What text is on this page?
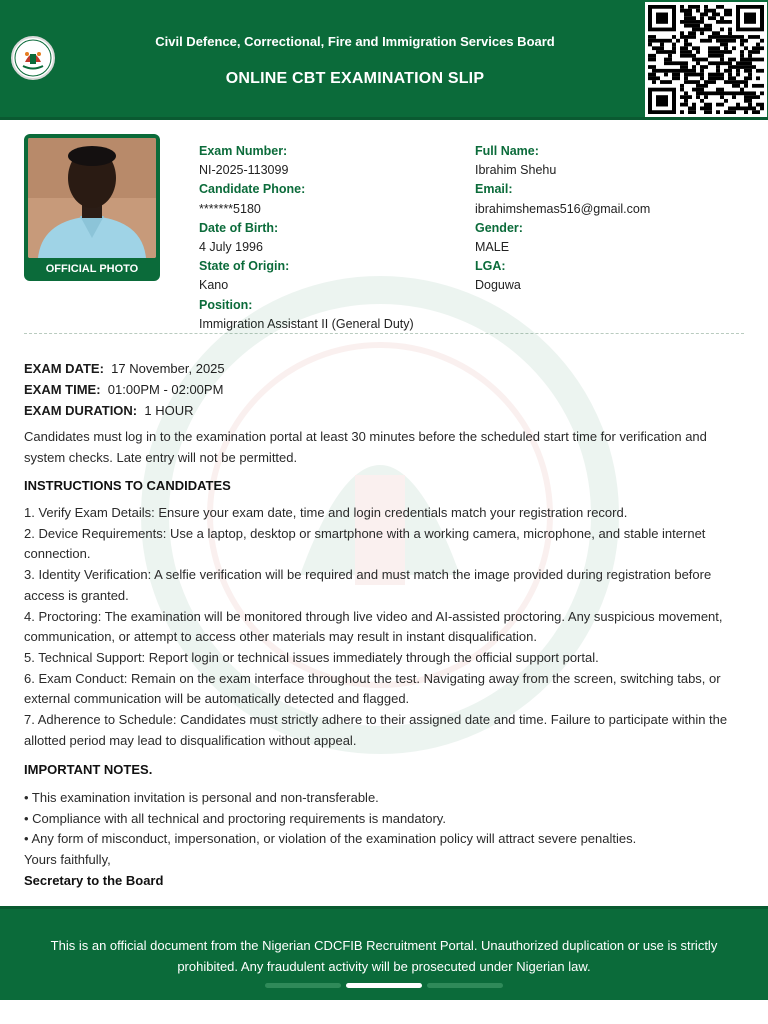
Civil Defence, Correctional, Fire and Immigration Services Board
ONLINE CBT EXAMINATION SLIP
OFFICIAL PHOTO
Exam Number:
NI-2025-113099
Candidate Phone:
*******5180
Date of Birth:
4 July 1996
State of Origin:
Kano
Position:
Immigration Assistant II (General Duty)
Full Name:
Ibrahim Shehu
Email:
ibrahimshemas516@gmail.com
Gender:
MALE
LGA:
Doguwa
EXAM DATE: 17 November, 2025
EXAM TIME: 01:00PM - 02:00PM
EXAM DURATION: 1 HOUR
Candidates must log in to the examination portal at least 30 minutes before the scheduled start time for verification and system checks. Late entry will not be permitted.
INSTRUCTIONS TO CANDIDATES
1. Verify Exam Details: Ensure your exam date, time and login credentials match your registration record.
2. Device Requirements: Use a laptop, desktop or smartphone with a working camera, microphone, and stable internet connection.
3. Identity Verification: A selfie verification will be required and must match the image provided during registration before access is granted.
4. Proctoring: The examination will be monitored through live video and AI-assisted proctoring. Any suspicious movement, communication, or attempt to access other materials may result in instant disqualification.
5. Technical Support: Report login or technical issues immediately through the official support portal.
6. Exam Conduct: Remain on the exam interface throughout the test. Navigating away from the screen, switching tabs, or external communication will be automatically detected and flagged.
7. Adherence to Schedule: Candidates must strictly adhere to their assigned date and time. Failure to participate within the allotted period may lead to disqualification without appeal.
IMPORTANT NOTES.
• This examination invitation is personal and non-transferable.
• Compliance with all technical and proctoring requirements is mandatory.
• Any form of misconduct, impersonation, or violation of the examination policy will attract severe penalties.
Yours faithfully,
Secretary to the Board
This is an official document from the Nigerian CDCFIB Recruitment Portal. Unauthorized duplication or use is strictly prohibited. Any fraudulent activity will be prosecuted under Nigerian law.
